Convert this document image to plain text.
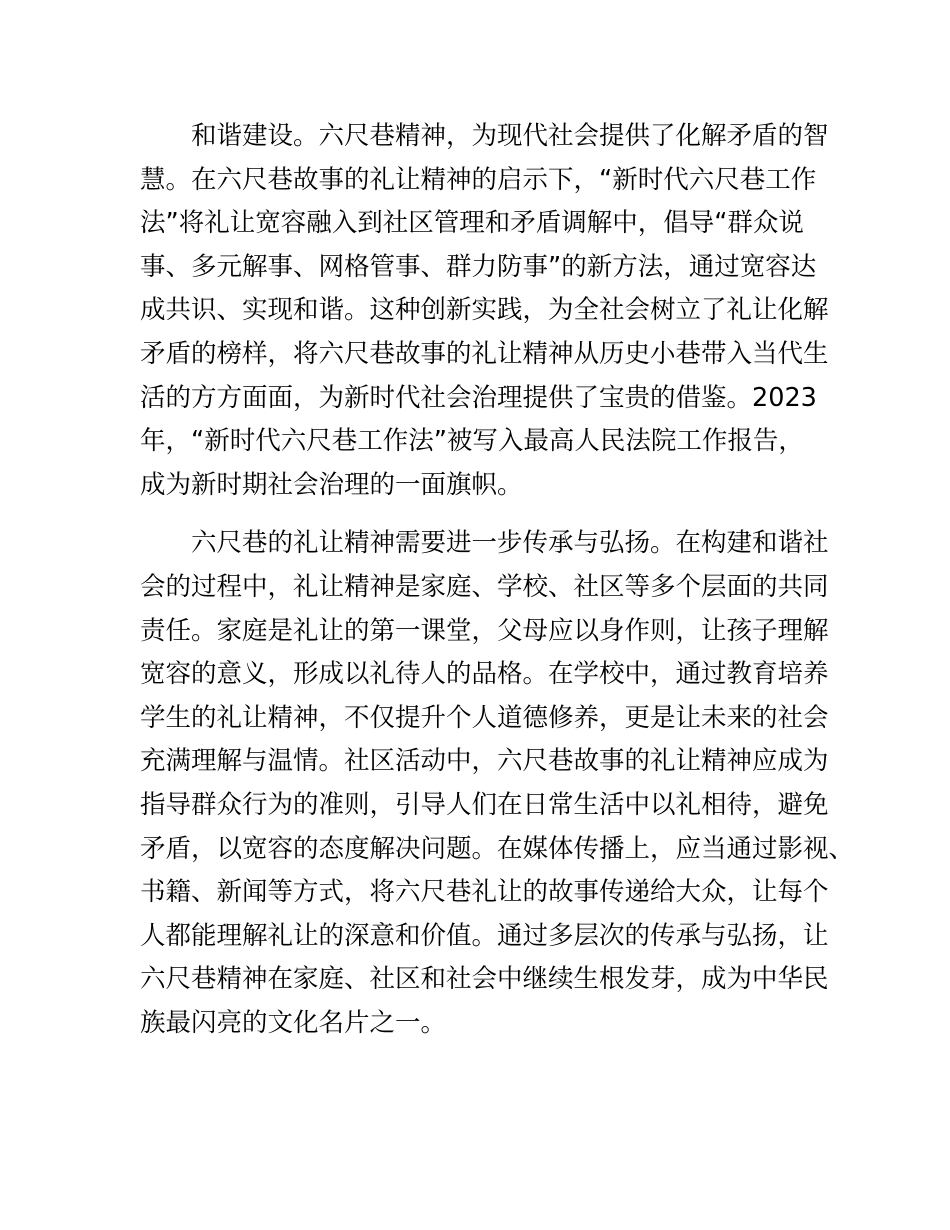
和谐建设。六尺巷精神，为现代社会提供了化解矛盾的智
慧。在六尺巷故事的礼让精神的启示下，“新时代六尺巷工作
法”将礼让宽容融入到社区管理和矛盾调解中，倡导“群众说
事、多元解事、网格管事、群力防事”的新方法，通过宽容达
成共识、实现和谐。这种创新实践，为全社会树立了礼让化解
矛盾的榜样，将六尺巷故事的礼让精神从历史小巷带入当代生
活的方方面面，为新时代社会治理提供了宝贵的借鉴。2023
年，“新时代六尺巷工作法”被写入最高人民法院工作报告，
成为新时期社会治理的一面旗帜。
六尺巷的礼让精神需要进一步传承与弘扬。在构建和谐社
会的过程中，礼让精神是家庭、学校、社区等多个层面的共同
责任。家庭是礼让的第一课堂，父母应以身作则，让孩子理解
宽容的意义，形成以礼待人的品格。在学校中，通过教育培养
学生的礼让精神，不仅提升个人道德修养，更是让未来的社会
充满理解与温情。社区活动中，六尺巷故事的礼让精神应成为
指导群众行为的准则，引导人们在日常生活中以礼相待，避免
矛盾，以宽容的态度解决问题。在媒体传播上，应当通过影视、
书籍、新闻等方式，将六尺巷礼让的故事传递给大众，让每个
人都能理解礼让的深意和价值。通过多层次的传承与弘扬，让
六尺巷精神在家庭、社区和社会中继续生根发芽，成为中华民
族最闪亮的文化名片之一。
